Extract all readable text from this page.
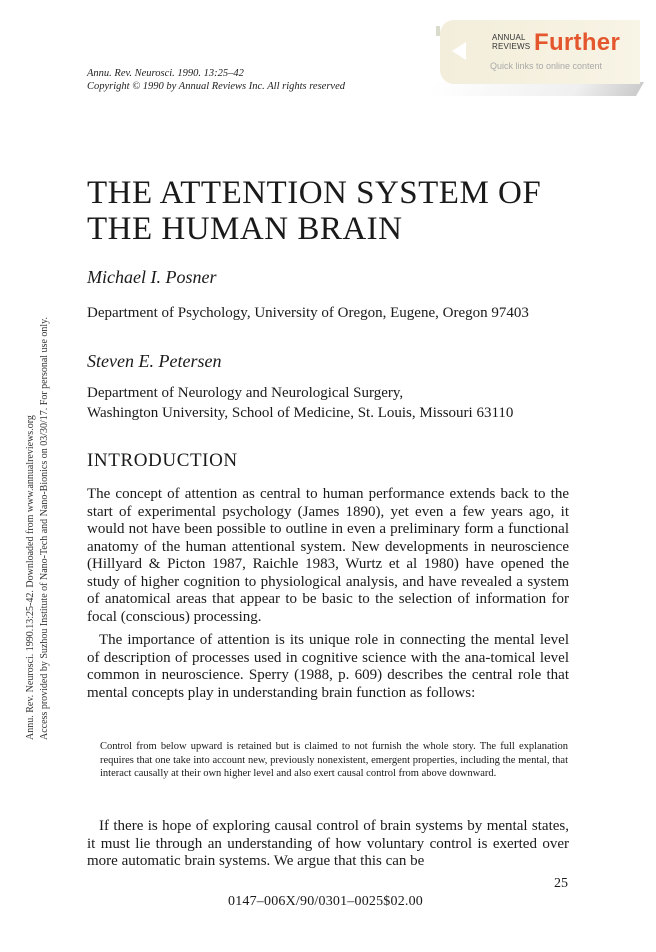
ANNUAL
REVIEWS Further
Quick links to online content
Annu. Rev. Neurosci. 1990. 13:25–42
Copyright © 1990 by Annual Reviews Inc. All rights reserved
Annu. Rev. Neurosci. 1990.13:25-42. Downloaded from www.annualreviews.org Access provided by Suzhou Institute of Nano-Tech and Nano-Bionics on 03/30/17. For personal use only.
THE ATTENTION SYSTEM OF
THE HUMAN BRAIN
Michael I. Posner
Department of Psychology, University of Oregon, Eugene, Oregon 97403
Steven E. Petersen
Department of Neurology and Neurological Surgery,
Washington University, School of Medicine, St. Louis, Missouri 63110
INTRODUCTION

The concept of attention as central to human performance extends back to the start of experimental psychology (James 1890), yet even a few years ago, it would not have been possible to outline in even a preliminary form a functional anatomy of the human attentional system. New developments in neuroscience (Hillyard & Picton 1987, Raichle 1983, Wurtz et al 1980) have opened the study of higher cognition to physiological analysis, and have revealed a system of anatomical areas that appear to be basic to the selection of information for focal (conscious) processing.

The importance of attention is its unique role in connecting the mental level of description of processes used in cognitive science with the ana-tomical level common in neuroscience. Sperry (1988, p. 609) describes the central role that mental concepts play in understanding brain function as follows:

Control from below upward is retained but is claimed to not furnish the whole story. The full explanation requires that one take into account new, previously nonexistent, emergent properties, including the mental, that interact causally at their own higher level and also exert causal control from above downward.

If there is hope of exploring causal control of brain systems by mental states, it must lie through an understanding of how voluntary control is exerted over more automatic brain systems. We argue that this can be

25
0147–006X/90/0301–0025$02.00
